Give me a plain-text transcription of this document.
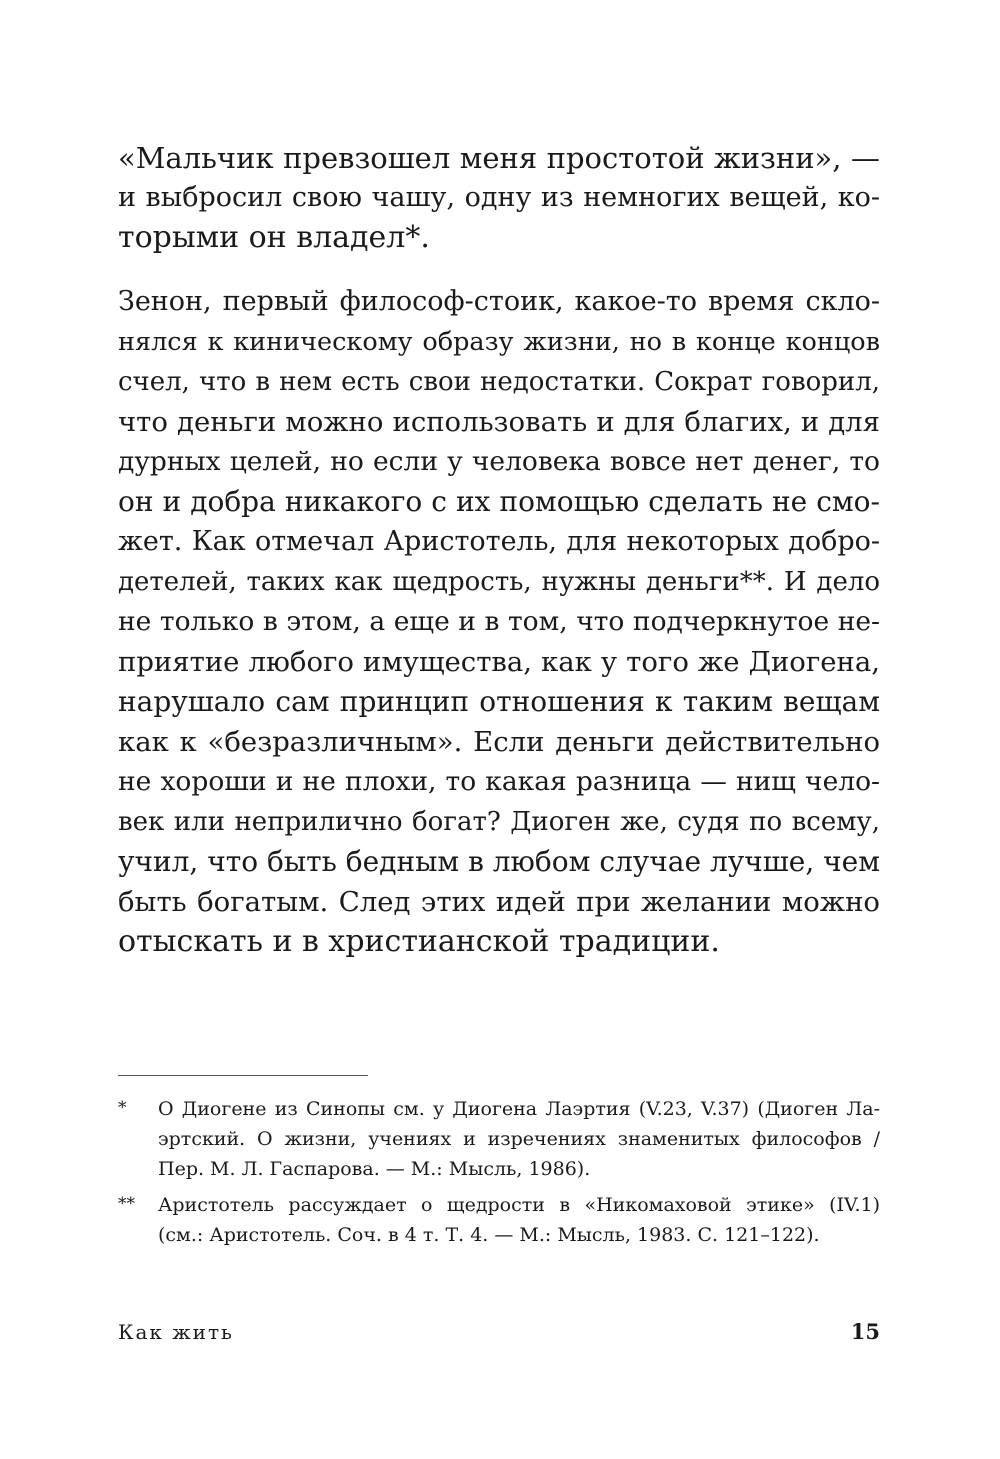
«Мальчик превзошел меня простотой жизни», —
и выбросил свою чашу, одну из немногих вещей, ко-
торыми он владел*.
Зенон, первый философ-стоик, какое-то время скло-
нялся к киническому образу жизни, но в конце концов
счел, что в нем есть свои недостатки. Сократ говорил,
что деньги можно использовать и для благих, и для
дурных целей, но если у человека вовсе нет денег, то
он и добра никакого с их помощью сделать не смо-
жет. Как отмечал Аристотель, для некоторых добро-
детелей, таких как щедрость, нужны деньги**. И дело
не только в этом, а еще и в том, что подчеркнутое не-
приятие любого имущества, как у того же Диогена,
нарушало сам принцип отношения к таким вещам
как к «безразличным». Если деньги действительно
не хороши и не плохи, то какая разница — нищ чело-
век или неприлично богат? Диоген же, судя по всему,
учил, что быть бедным в любом случае лучше, чем
быть богатым. След этих идей при желании можно
отыскать и в христианской традиции.
* О Диогене из Синопы см. у Диогена Лаэртия (V.23, V.37) (Диоген Ла-
эртский. О жизни, учениях и изречениях знаменитых философов /
Пер. М. Л. Гаспарова. — М.: Мысль, 1986).
** Аристотель рассуждает о щедрости в «Никомаховой этике» (IV.1)
(см.: Аристотель. Соч. в 4 т. Т. 4. — М.: Мысль, 1983. С. 121–122).
Как жить	15
